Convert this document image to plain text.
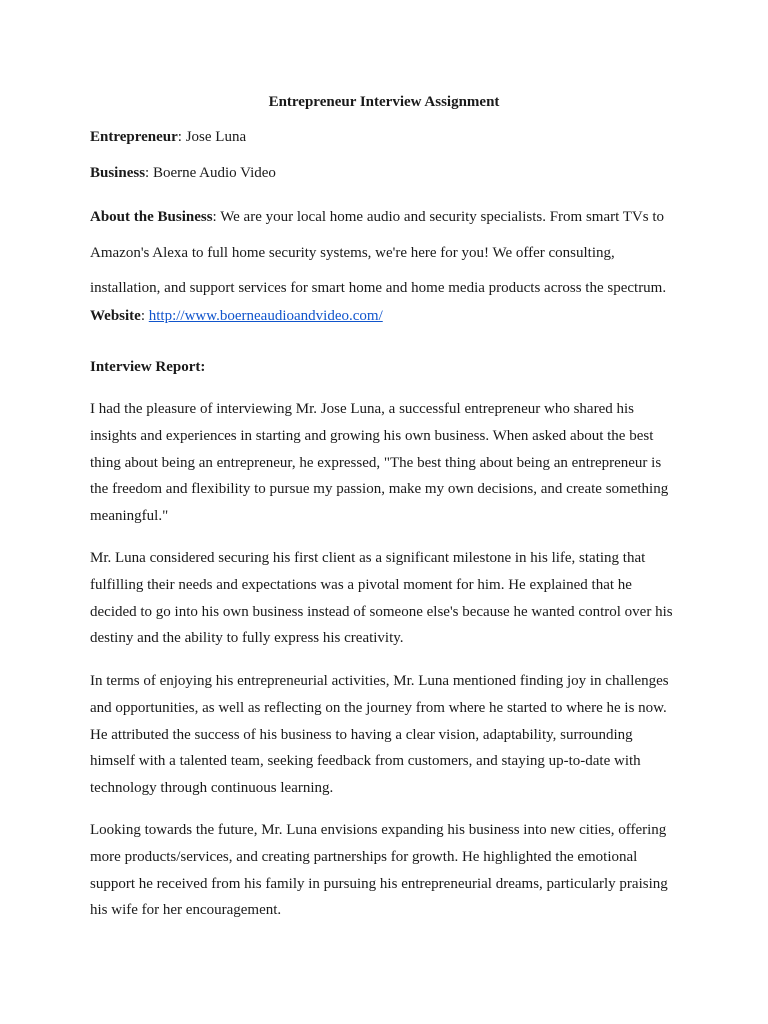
Entrepreneur Interview Assignment
Entrepreneur: Jose Luna
Business: Boerne Audio Video
About the Business: We are your local home audio and security specialists. From smart TVs to
Amazon's Alexa to full home security systems, we're here for you! We offer consulting,
installation, and support services for smart home and home media products across the spectrum.
Website: http://www.boerneaudioandvideo.com/
Interview Report:
I had the pleasure of interviewing Mr. Jose Luna, a successful entrepreneur who shared his
insights and experiences in starting and growing his own business. When asked about the best
thing about being an entrepreneur, he expressed, "The best thing about being an entrepreneur is
the freedom and flexibility to pursue my passion, make my own decisions, and create something
meaningful."
Mr. Luna considered securing his first client as a significant milestone in his life, stating that
fulfilling their needs and expectations was a pivotal moment for him. He explained that he
decided to go into his own business instead of someone else's because he wanted control over his
destiny and the ability to fully express his creativity.
In terms of enjoying his entrepreneurial activities, Mr. Luna mentioned finding joy in challenges
and opportunities, as well as reflecting on the journey from where he started to where he is now.
He attributed the success of his business to having a clear vision, adaptability, surrounding
himself with a talented team, seeking feedback from customers, and staying up-to-date with
technology through continuous learning.
Looking towards the future, Mr. Luna envisions expanding his business into new cities, offering
more products/services, and creating partnerships for growth. He highlighted the emotional
support he received from his family in pursuing his entrepreneurial dreams, particularly praising
his wife for her encouragement.
